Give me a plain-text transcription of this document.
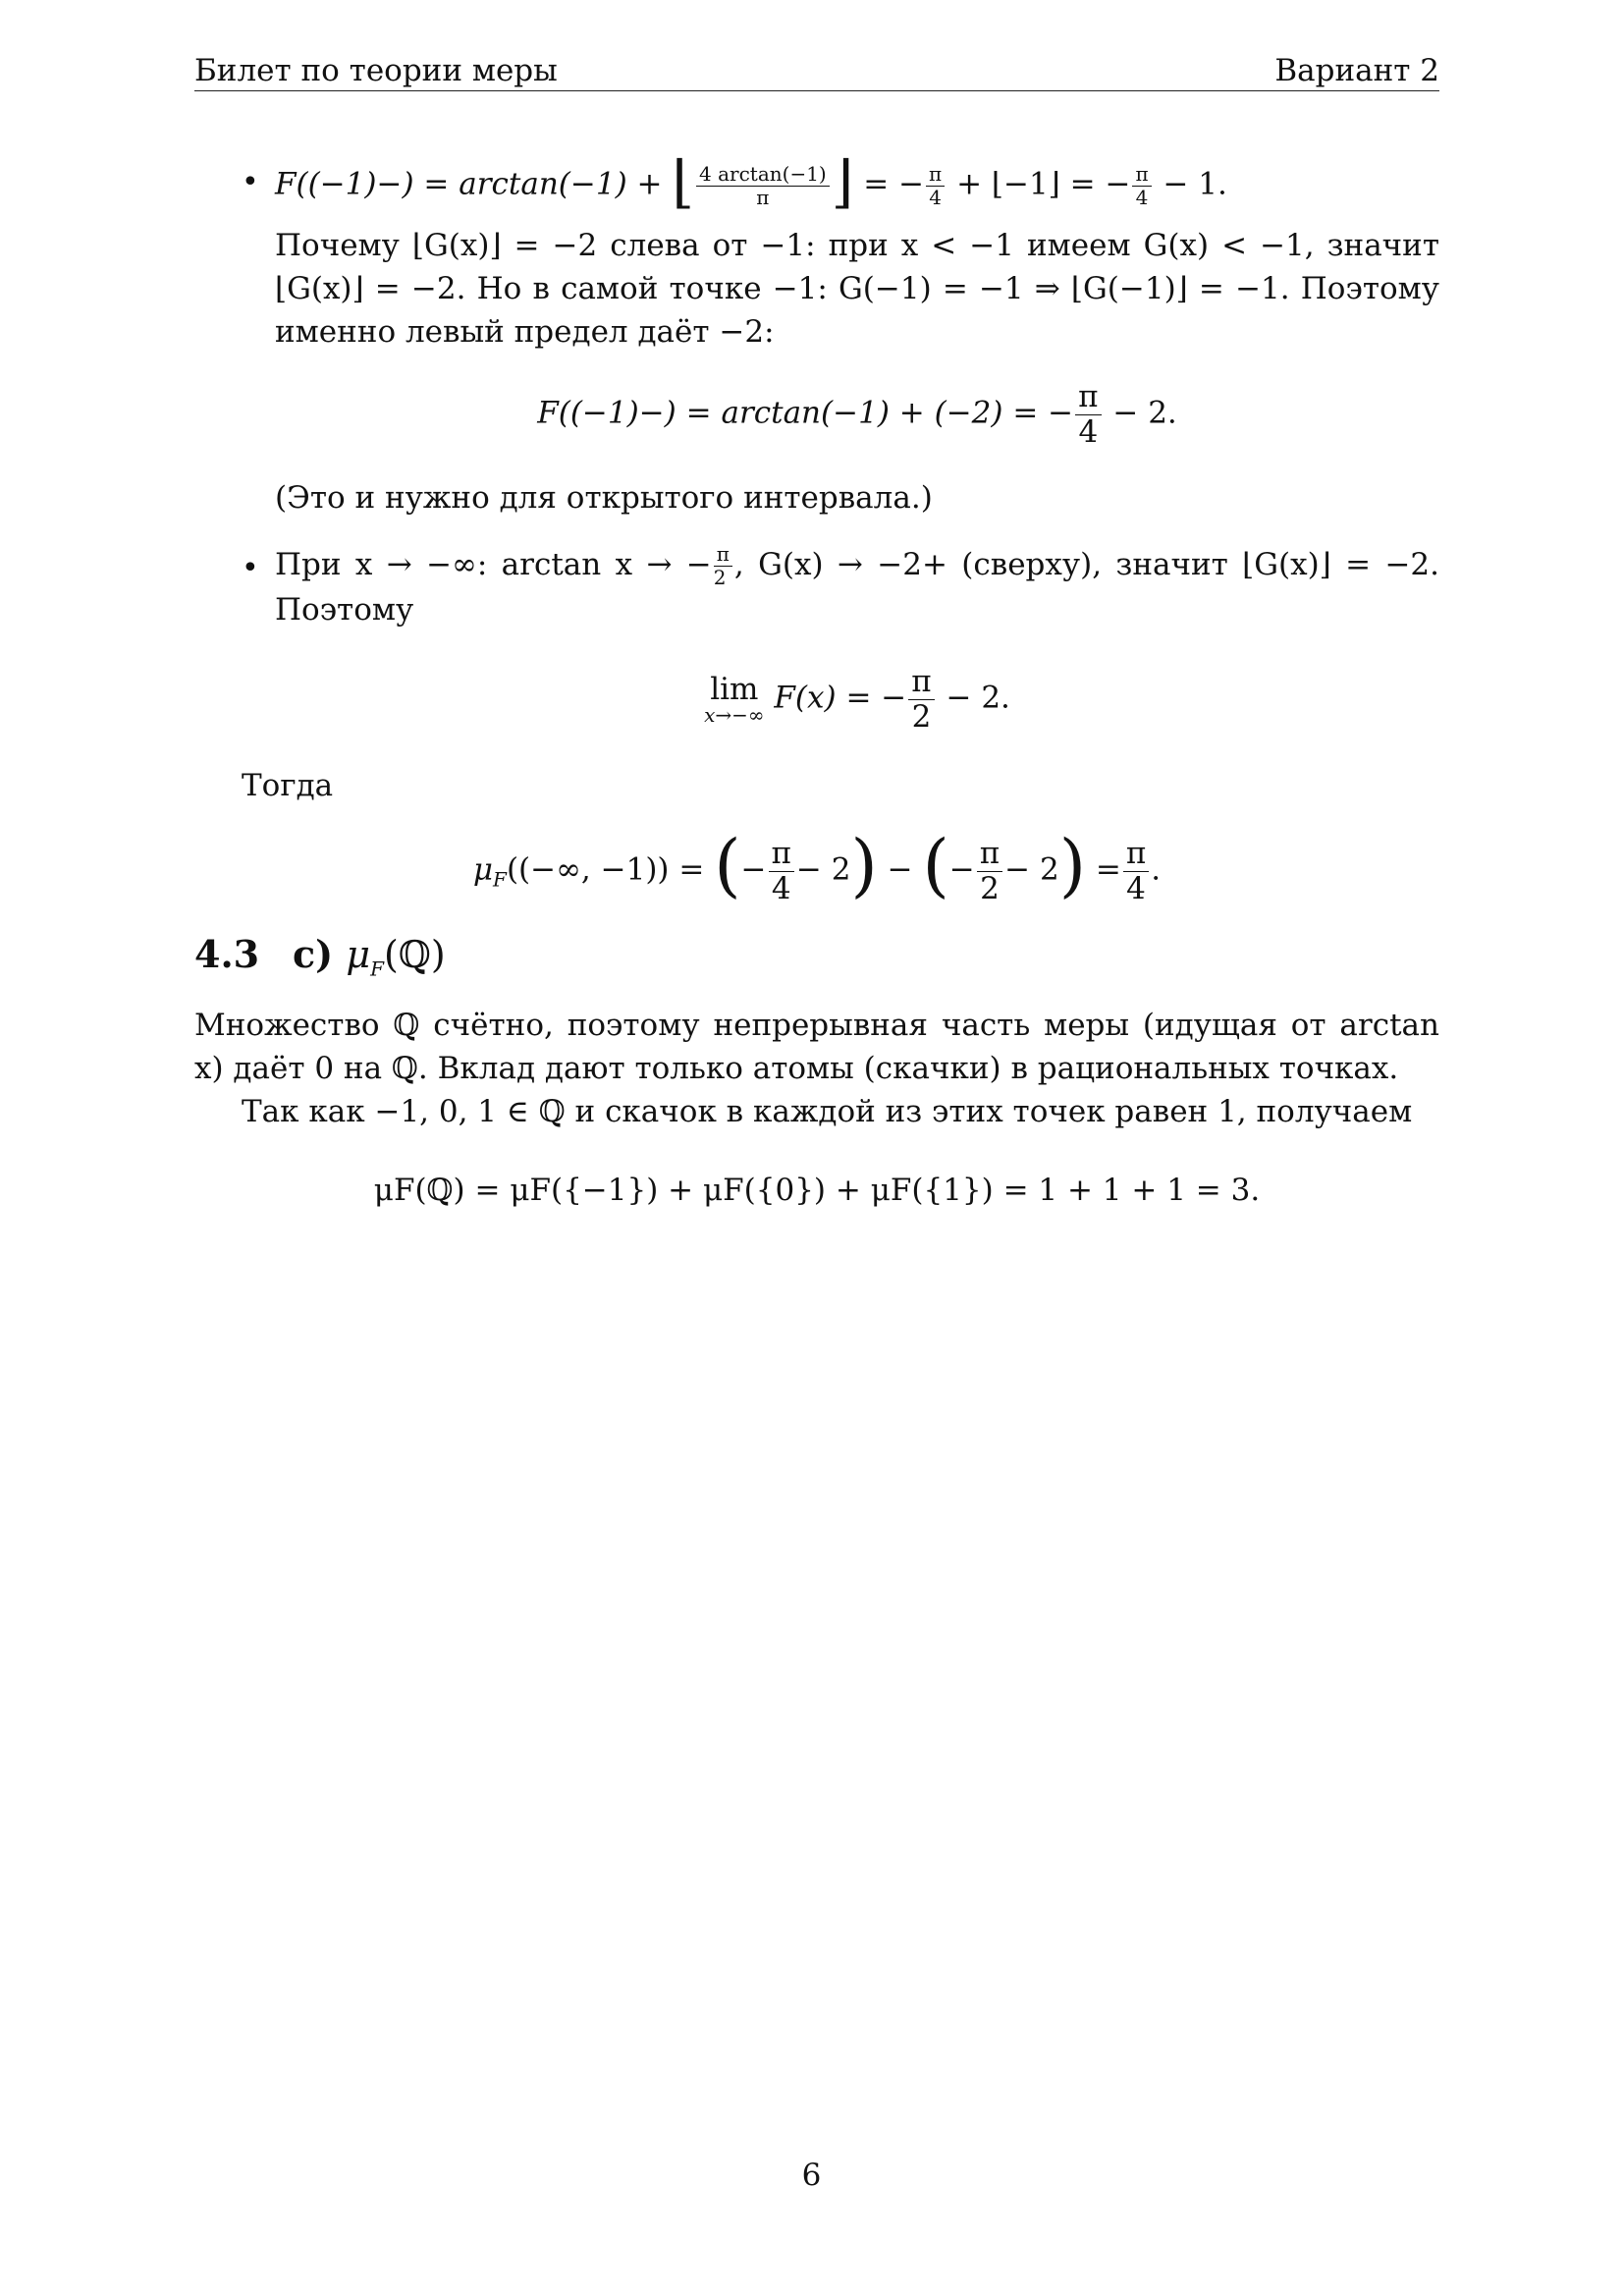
Билет по теории меры	Вариант 2
• F((−1)−) = arctan(−1) + ⌊ $\frac{4 \arctan(-1)}{\pi}$ ⌋ = − $\frac{\pi}{4}$ + ⌊−1⌋ = − $\frac{\pi}{4} - 1$.
Почему ⌊G(x)⌋ = −2 слева от −1: при x < −1 имеем G(x) < −1, значит ⌊G(x)⌋ = −2. Но в самой точке −1: G(−1) = −1 ⇒ ⌊G(−1)⌋ = −1. Поэтому именно левый предел даёт −2:
F((−1)−) = arctan(−1) + (−2) = − $\frac{\pi}{4} - 2$.
(Это и нужно для открытого интервала.)
• При x → −∞: arctan x → − $\frac{\pi}{2}$ , G(x) → −2+ (сверху), значит ⌊G(x)⌋ = −2. Поэтому
lim
x→−∞ F(x) = − $\frac{\pi}{2} - 2$.
Тогда
$\mu_F((-\infty$, −1)) = (− $\frac{\pi}{4} - 2$) − (− $\frac{\pi}{2} - 2) = \frac{\pi}{4}$ .
4.3 c) $\mu_F(ℚ)$
Множество ℚ счётно, поэтому непрерывная часть меры (идущая от arctan x) даёт 0 на ℚ. Вклад дают только атомы (скачки) в рациональных точках.
Так как −1, 0, 1 ∈ ℚ и скачок в каждой из этих точек равен 1, получаем
μF(ℚ) = μF({−1}) + μF({0}) + μF({1}) = 1 + 1 + 1 = 3.
6
